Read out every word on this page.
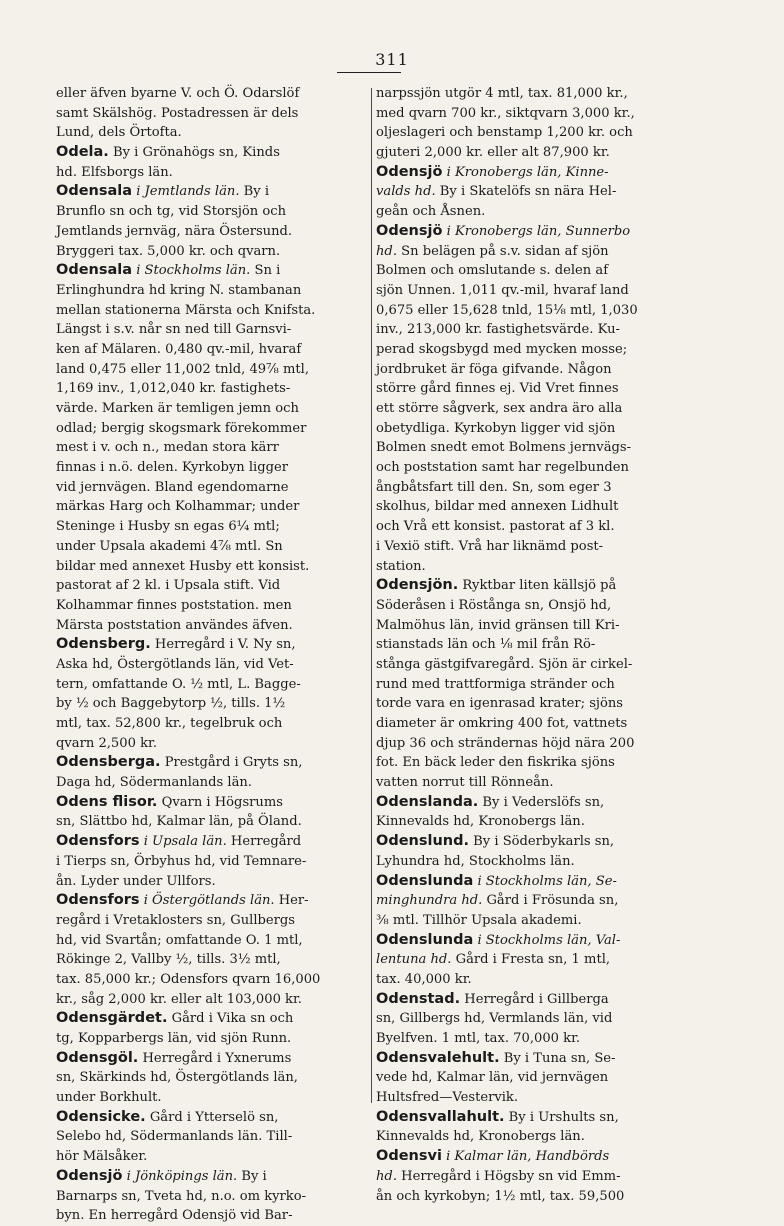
311
eller äfven byarne V. och Ö. Odarslöf
samt Skälshög. Postadressen är dels
Lund, dels Örtofta.
Odela. By i Grönahögs sn, Kinds
hd. Elfsborgs län.
Odensala i Jemtlands län. By i
Brunflo sn och tg, vid Storsjön och
Jemtlands jernväg, nära Östersund.
Bryggeri tax. 5,000 kr. och qvarn.
Odensala i Stockholms län. Sn i
Erlinghundra hd kring N. stambanan
mellan stationerna Märsta och Knifsta.
Längst i s.v. når sn ned till Garnsvi-
ken af Mälaren. 0,480 qv.-mil, hvaraf
land 0,475 eller 11,002 tnld, 49⅞ mtl,
1,169 inv., 1,012,040 kr. fastighets-
värde. Marken är temligen jemn och
odlad; bergig skogsmark förekommer
mest i v. och n., medan stora kärr
finnas i n.ö. delen. Kyrkobyn ligger
vid jernvägen. Bland egendomarne
märkas Harg och Kolhammar; under
Steninge i Husby sn egas 6¼ mtl;
under Upsala akademi 4⅞ mtl. Sn
bildar med annexet Husby ett konsist.
pastorat af 2 kl. i Upsala stift. Vid
Kolhammar finnes poststation. men
Märsta poststation användes äfven.
Odensberg. Herregård i V. Ny sn,
Aska hd, Östergötlands län, vid Vet-
tern, omfattande O. ½ mtl, L. Bagge-
by ½ och Baggebytorp ½, tills. 1½
mtl, tax. 52,800 kr., tegelbruk och
qvarn 2,500 kr.
Odensberga. Prestgård i Gryts sn,
Daga hd, Södermanlands län.
Odens flisor. Qvarn i Högsrums
sn, Slättbo hd, Kalmar län, på Öland.
Odensfors i Upsala län. Herregård
i Tierps sn, Örbyhus hd, vid Temnare-
ån. Lyder under Ullfors.
Odensfors i Östergötlands län. Her-
regård i Vretaklosters sn, Gullbergs
hd, vid Svartån; omfattande O. 1 mtl,
Rökinge 2, Vallby ½, tills. 3½ mtl,
tax. 85,000 kr.; Odensfors qvarn 16,000
kr., såg 2,000 kr. eller alt 103,000 kr.
Odensgärdet. Gård i Vika sn och
tg, Kopparbergs län, vid sjön Runn.
Odensgöl. Herregård i Yxnerums
sn, Skärkinds hd, Östergötlands län,
under Borkhult.
Odensicke. Gård i Ytterselö sn,
Selebo hd, Södermanlands län. Till-
hör Mälsåker.
Odensjö i Jönköpings län. By i
Barnarps sn, Tveta hd, n.o. om kyrko-
byn. En herregård Odensjö vid Bar-
narpssjön utgör 4 mtl, tax. 81,000 kr.,
med qvarn 700 kr., siktqvarn 3,000 kr.,
oljeslageri och benstamp 1,200 kr. och
gjuteri 2,000 kr. eller alt 87,900 kr.
Odensjö i Kronobergs län, Kinne-
valds hd. By i Skatelöfs sn nära Hel-
geån och Åsnen.
Odensjö i Kronobergs län, Sunnerbo
hd. Sn belägen på s.v. sidan af sjön
Bolmen och omslutande s. delen af
sjön Unnen. 1,011 qv.-mil, hvaraf land
0,675 eller 15,628 tnld, 15⅛ mtl, 1,030
inv., 213,000 kr. fastighetsvärde. Ku-
perad skogsbygd med mycken mosse;
jordbruket är föga gifvande. Någon
större gård finnes ej. Vid Vret finnes
ett större sågverk, sex andra äro alla
obetydliga. Kyrkobyn ligger vid sjön
Bolmen snedt emot Bolmens jernvägs-
och poststation samt har regelbunden
ångbåtsfart till den. Sn, som eger 3
skolhus, bildar med annexen Lidhult
och Vrå ett konsist. pastorat af 3 kl.
i Vexiö stift. Vrå har liknämd post-
station.
Odensjön. Ryktbar liten källsjö på
Söderåsen i Röstånga sn, Onsjö hd,
Malmöhus län, invid gränsen till Kri-
stianstads län och ⅛ mil från Rö-
stånga gästgifvaregård. Sjön är cirkel-
rund med trattformiga stränder och
torde vara en igenrasad krater; sjöns
diameter är omkring 400 fot, vattnets
djup 36 och strändernas höjd nära 200
fot. En bäck leder den fiskrika sjöns
vatten norrut till Rönneån.
Odenslanda. By i Vederslöfs sn,
Kinnevalds hd, Kronobergs län.
Odenslund. By i Söderbykarls sn,
Lyhundra hd, Stockholms län.
Odenslunda i Stockholms län, Se-
minghundra hd. Gård i Frösunda sn,
⅜ mtl. Tillhör Upsala akademi.
Odenslunda i Stockholms län, Val-
lentuna hd. Gård i Fresta sn, 1 mtl,
tax. 40,000 kr.
Odenstad. Herregård i Gillberga
sn, Gillbergs hd, Vermlands län, vid
Byelfven. 1 mtl, tax. 70,000 kr.
Odensvalehult. By i Tuna sn, Se-
vede hd, Kalmar län, vid jernvägen
Hultsfred—Vestervik.
Odensvallahult. By i Urshults sn,
Kinnevalds hd, Kronobergs län.
Odensvi i Kalmar län, Handbörds
hd. Herregård i Högsby sn vid Emm-
ån och kyrkobyn; 1½ mtl, tax. 59,500
